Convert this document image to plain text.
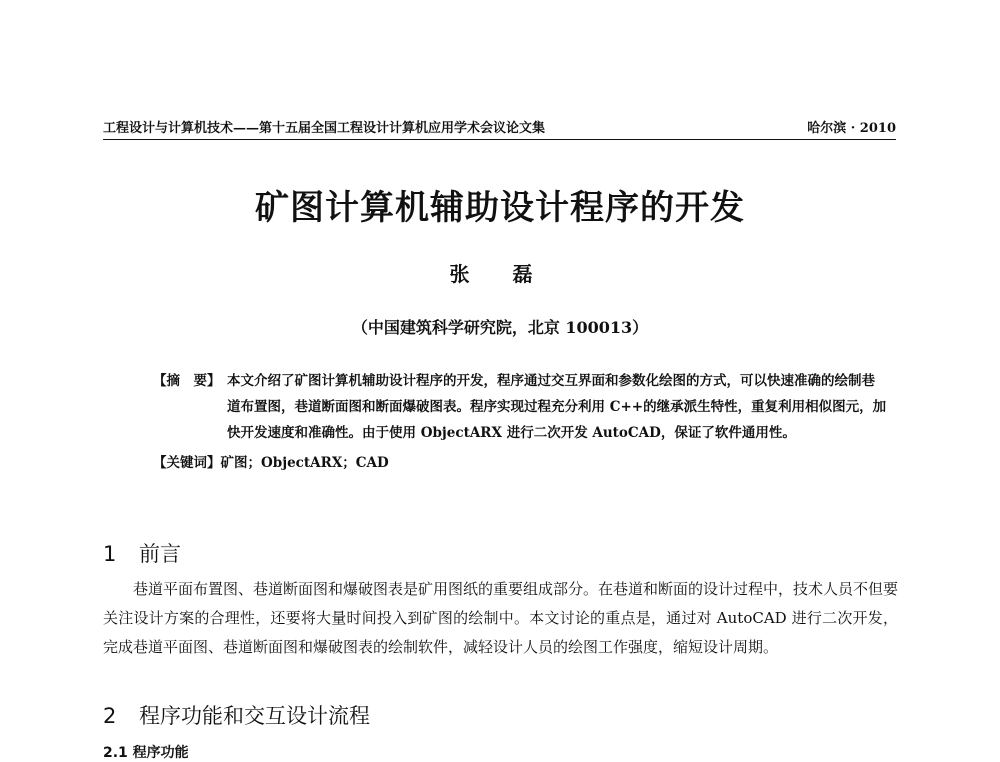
工程设计与计算机技术——第十五届全国工程设计计算机应用学术会议论文集	哈尔滨 · 2010
矿图计算机辅助设计程序的开发
张 磊
（中国建筑科学研究院，北京 100013）
【摘　要】 本文介绍了矿图计算机辅助设计程序的开发，程序通过交互界面和参数化绘图的方式，可以快速准确的绘制巷道布置图，巷道断面图和断面爆破图表。程序实现过程充分利用 C++的继承派生特性，重复利用相似图元，加快开发速度和准确性。由于使用 ObjectARX 进行二次开发 AutoCAD，保证了软件通用性。
【关键词】 矿图；ObjectARX；CAD
1 前言
巷道平面布置图、巷道断面图和爆破图表是矿用图纸的重要组成部分。在巷道和断面的设计过程中，技术人员不但要关注设计方案的合理性，还要将大量时间投入到矿图的绘制中。本文讨论的重点是，通过对 AutoCAD 进行二次开发，完成巷道平面图、巷道断面图和爆破图表的绘制软件，减轻设计人员的绘图工作强度，缩短设计周期。
2 程序功能和交互设计流程
2.1 程序功能
